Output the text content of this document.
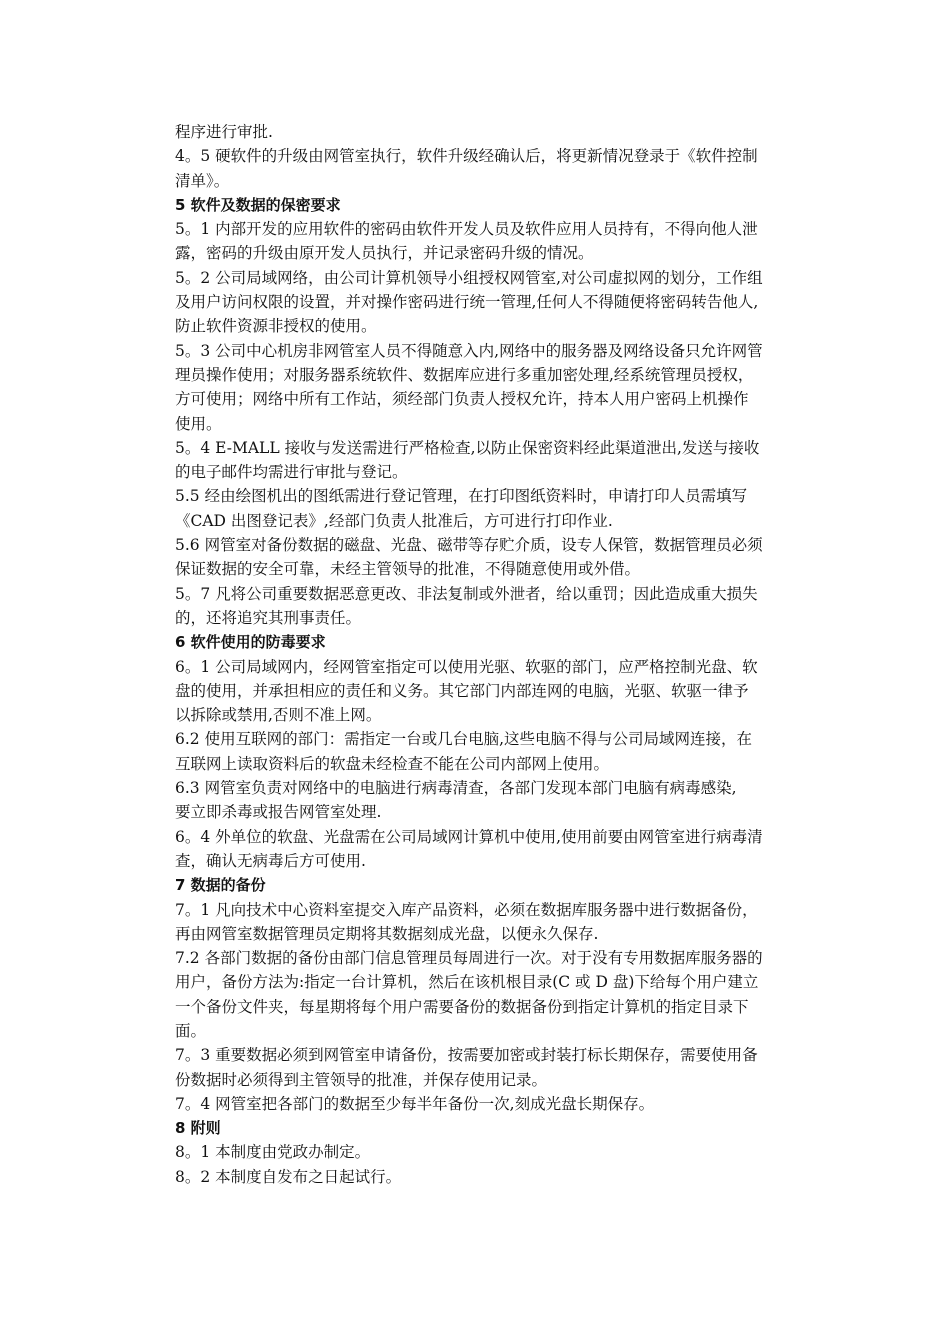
程序进行审批.
4。5 硬软件的升级由网管室执行，软件升级经确认后，将更新情况登录于《软件控制
清单》。
5 软件及数据的保密要求
5。1 内部开发的应用软件的密码由软件开发人员及软件应用人员持有，不得向他人泄
露，密码的升级由原开发人员执行，并记录密码升级的情况。
5。2 公司局域网络，由公司计算机领导小组授权网管室,对公司虚拟网的划分，工作组
及用户访问权限的设置，并对操作密码进行统一管理,任何人不得随便将密码转告他人,
防止软件资源非授权的使用。
5。3 公司中心机房非网管室人员不得随意入内,网络中的服务器及网络设备只允许网管
理员操作使用；对服务器系统软件、数据库应进行多重加密处理,经系统管理员授权，
方可使用；网络中所有工作站，须经部门负责人授权允许，持本人用户密码上机操作
使用。
5。4 E-MALL 接收与发送需进行严格检查,以防止保密资料经此渠道泄出,发送与接收
的电子邮件均需进行审批与登记。
5.5 经由绘图机出的图纸需进行登记管理，在打印图纸资料时，申请打印人员需填写
《CAD 出图登记表》,经部门负责人批准后，方可进行打印作业.
5.6 网管室对备份数据的磁盘、光盘、磁带等存贮介质，设专人保管，数据管理员必须
保证数据的安全可靠，未经主管领导的批准，不得随意使用或外借。
5。7 凡将公司重要数据恶意更改、非法复制或外泄者，给以重罚；因此造成重大损失
的，还将追究其刑事责任。
6 软件使用的防毒要求
6。1 公司局域网内，经网管室指定可以使用光驱、软驱的部门，应严格控制光盘、软
盘的使用，并承担相应的责任和义务。其它部门内部连网的电脑，光驱、软驱一律予
以拆除或禁用,否则不准上网。
6.2 使用互联网的部门：需指定一台或几台电脑,这些电脑不得与公司局域网连接，在
互联网上读取资料后的软盘未经检查不能在公司内部网上使用。
6.3 网管室负责对网络中的电脑进行病毒清查，各部门发现本部门电脑有病毒感染,
要立即杀毒或报告网管室处理.
6。4 外单位的软盘、光盘需在公司局域网计算机中使用,使用前要由网管室进行病毒清
查，确认无病毒后方可使用.
7 数据的备份
7。1 凡向技术中心资料室提交入库产品资料，必须在数据库服务器中进行数据备份，
再由网管室数据管理员定期将其数据刻成光盘，以便永久保存.
7.2 各部门数据的备份由部门信息管理员每周进行一次。对于没有专用数据库服务器的
用户，备份方法为:指定一台计算机，然后在该机根目录(C 或 D 盘)下给每个用户建立
一个备份文件夹，每星期将每个用户需要备份的数据备份到指定计算机的指定目录下
面。
7。3 重要数据必须到网管室申请备份，按需要加密或封装打标长期保存，需要使用备
份数据时必须得到主管领导的批准，并保存使用记录。
7。4 网管室把各部门的数据至少每半年备份一次,刻成光盘长期保存。
8 附则
8。1 本制度由党政办制定。
8。2 本制度自发布之日起试行。
